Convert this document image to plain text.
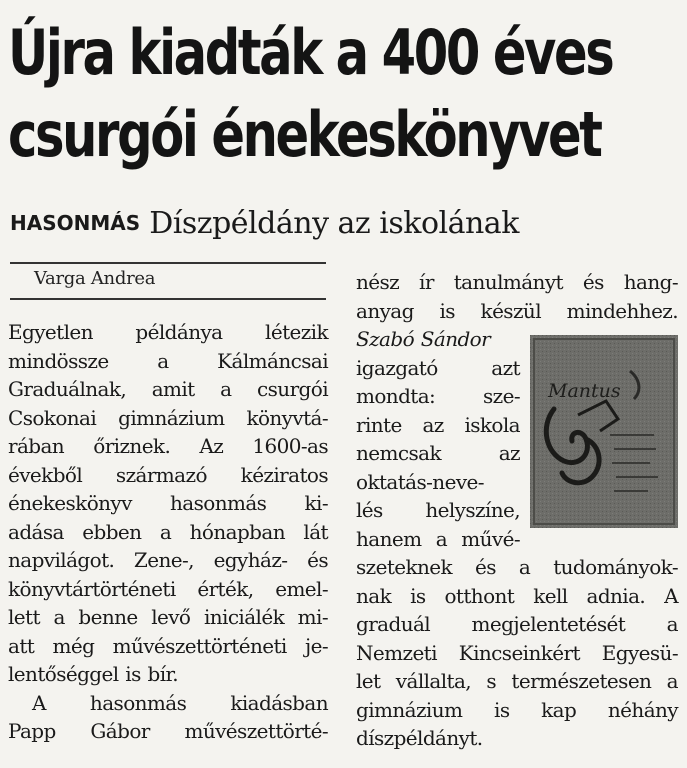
Újra kiadták a 400 éves
csurgói énekeskönyvet
HASONMÁS Díszpéldány az iskolának
Varga Andrea
Egyetlen példánya létezik
mindössze a Kálmáncsai
Graduálnak, amit a csurgói
Csokonai gimnázium könyvtá-
rában őriznek. Az 1600-as
évekből származó kéziratos
énekeskönyv hasonmás ki-
adása ebben a hónapban lát
napvilágot. Zene-, egyház- és
könyvtártörténeti érték, emel-
lett a benne levő iniciálék mi-
att még művészettörténeti je-
lentőséggel is bír.
A hasonmás kiadásban
Papp Gábor művészettörté-
nész ír tanulmányt és hang-
anyag is készül mindehhez.
Szabó Sándor
igazgató azt
mondta: sze-
rinte az iskola
nemcsak az
oktatás-neve-
lés helyszíne,
hanem a művé-
Mantus
szeteknek és a tudományok-
nak is otthont kell adnia. A
graduál megjelentetését a
Nemzeti Kincseinkért Egyesü-
let vállalta, s természetesen a
gimnázium is kap néhány
díszpéldányt.
